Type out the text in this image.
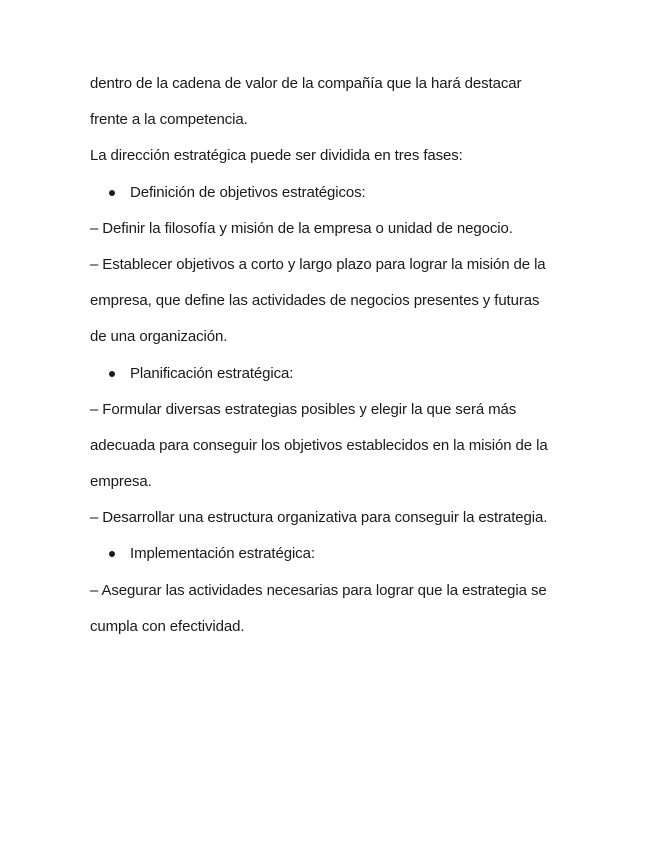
dentro de la cadena de valor de la compañía que la hará destacar
frente a la competencia.
La dirección estratégica puede ser dividida en tres fases:
Definición de objetivos estratégicos:
– Definir la filosofía y misión de la empresa o unidad de negocio.
– Establecer objetivos a corto y largo plazo para lograr la misión de la
empresa, que define las actividades de negocios presentes y futuras
de una organización.
Planificación estratégica:
– Formular diversas estrategias posibles y elegir la que será más
adecuada para conseguir los objetivos establecidos en la misión de la
empresa.
– Desarrollar una estructura organizativa para conseguir la estrategia.
Implementación estratégica:
– Asegurar las actividades necesarias para lograr que la estrategia se
cumpla con efectividad.
